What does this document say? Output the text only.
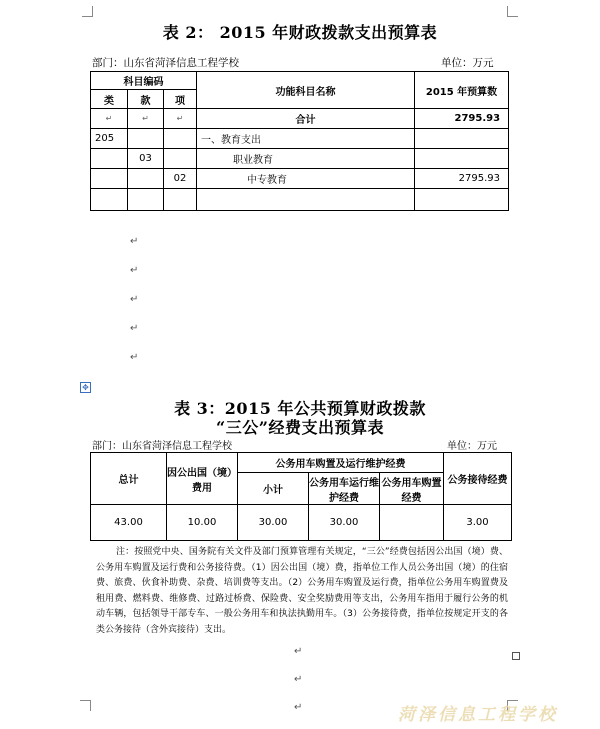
表 2： 2015 年财政拨款支出预算表
部门：山东省菏泽信息工程学校	单位：万元
科目编码			功能科目名称	2015 年预算数
类	款	项		
↵	↵	↵	合计	2795.93
205			一、教育支出	
	03		职业教育	
		02	中专教育	2795.93

↵
↵
↵
↵
↵
✥
表 3：2015 年公共预算财政拨款
“三公”经费支出预算表
部门：山东省菏泽信息工程学校	单位：万元
总计	因公出国（境）费用	公务用车购置及运行维护经费			公务接待经费
		小计	公务用车运行维护经费	公务用车购置经费	
43.00	10.00	30.00	30.00		3.00
注：按照党中央、国务院有关文件及部门预算管理有关规定，“三公”经费包括因公出国（境）费、公务用车购置及运行费和公务接待费。（1）因公出国（境）费，指单位工作人员公务出国（境）的住宿费、旅费、伙食补助费、杂费、培训费等支出。（2）公务用车购置及运行费，指单位公务用车购置费及租用费、燃料费、维修费、过路过桥费、保险费、安全奖励费用等支出，公务用车指用于履行公务的机动车辆，包括领导干部专车、一般公务用车和执法执勤用车。（3）公务接待费，指单位按规定开支的各类公务接待（含外宾接待）支出。
↵
↵
↵	菏泽信息工程学校
